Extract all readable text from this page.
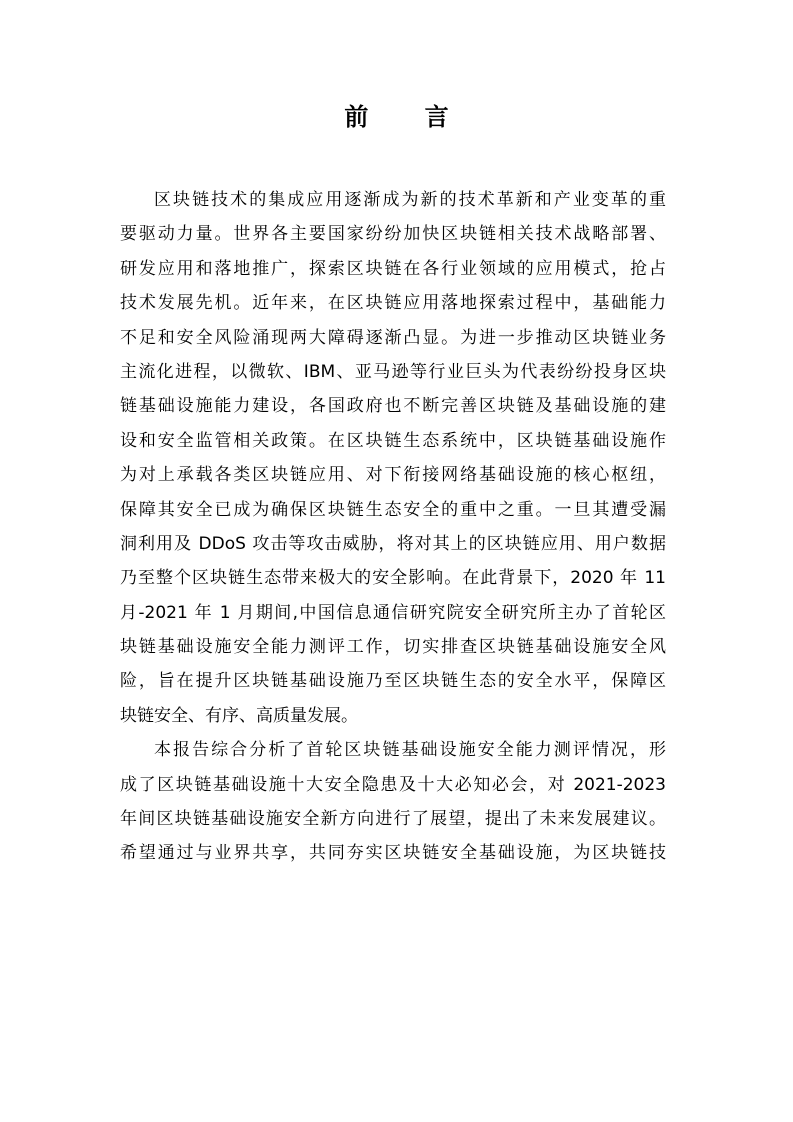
前 言
区块链技术的集成应用逐渐成为新的技术革新和产业变革的重
要驱动力量。世界各主要国家纷纷加快区块链相关技术战略部署、
研发应用和落地推广，探索区块链在各行业领域的应用模式，抢占
技术发展先机。近年来，在区块链应用落地探索过程中，基础能力
不足和安全风险涌现两大障碍逐渐凸显。为进一步推动区块链业务
主流化进程，以微软、IBM、亚马逊等行业巨头为代表纷纷投身区块
链基础设施能力建设，各国政府也不断完善区块链及基础设施的建
设和安全监管相关政策。在区块链生态系统中，区块链基础设施作
为对上承载各类区块链应用、对下衔接网络基础设施的核心枢纽，
保障其安全已成为确保区块链生态安全的重中之重。一旦其遭受漏
洞利用及 DDoS 攻击等攻击威胁，将对其上的区块链应用、用户数据
乃至整个区块链生态带来极大的安全影响。在此背景下，2020 年 11
月-2021 年 1 月期间,中国信息通信研究院安全研究所主办了首轮区
块链基础设施安全能力测评工作，切实排查区块链基础设施安全风
险，旨在提升区块链基础设施乃至区块链生态的安全水平，保障区
块链安全、有序、高质量发展。
本报告综合分析了首轮区块链基础设施安全能力测评情况，形
成了区块链基础设施十大安全隐患及十大必知必会，对 2021-2023
年间区块链基础设施安全新方向进行了展望，提出了未来发展建议。
希望通过与业界共享，共同夯实区块链安全基础设施，为区块链技
